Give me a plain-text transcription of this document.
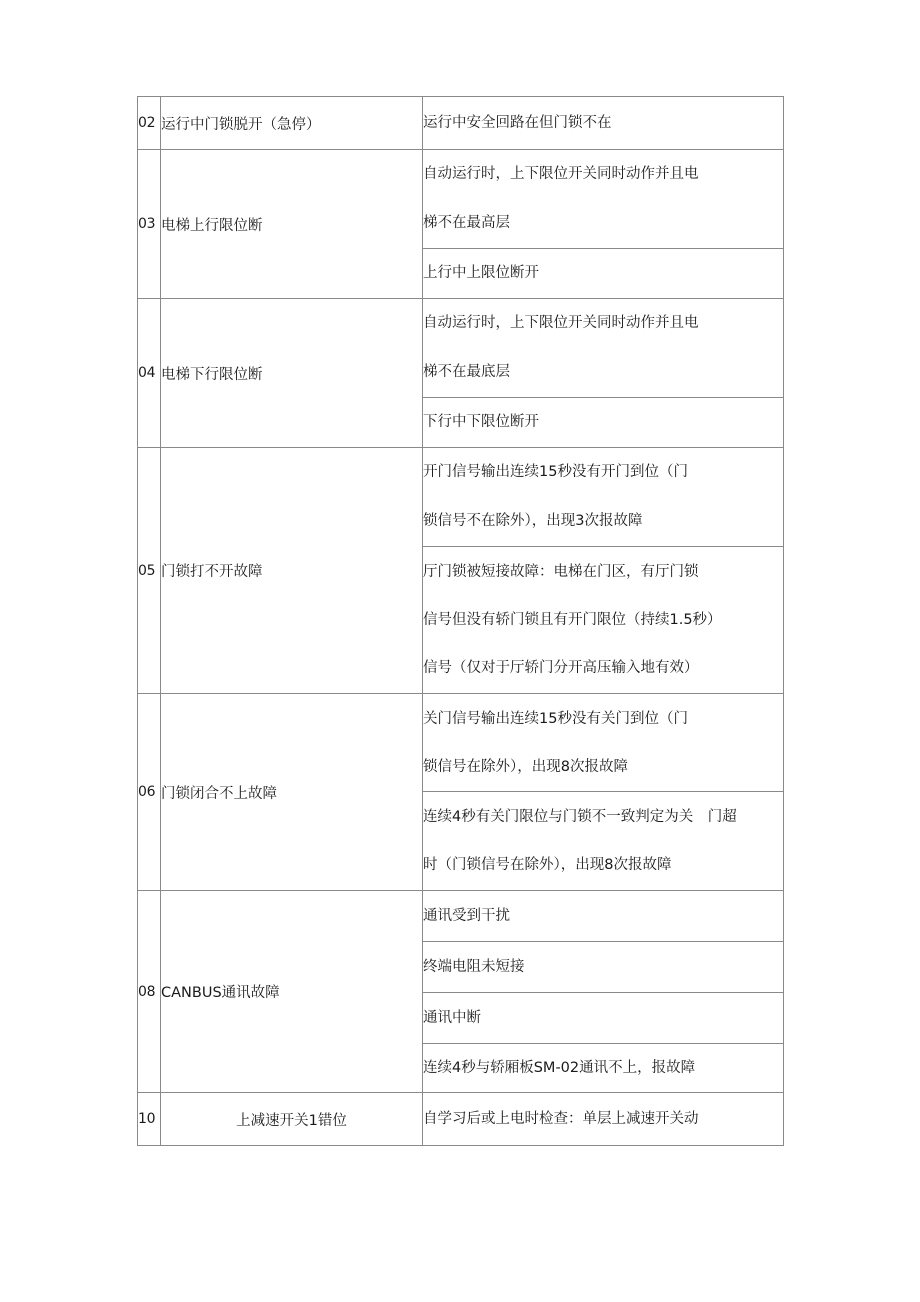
02	运行中门锁脱开（急停）	运行中安全回路在但门锁不在

03	电梯上行限位断	自动运行时，上下限位开关同时动作并且电
梯不在最高层

		上行中上限位断开

04	电梯下行限位断	自动运行时，上下限位开关同时动作并且电
梯不在最底层

		下行中下限位断开

05	门锁打不开故障	开门信号输出连续15秒没有开门到位（门
锁信号不在除外），出现3次报故障

		厅门锁被短接故障：电梯在门区，有厅门锁
信号但没有轿门锁且有开门限位（持续1.5秒）
信号（仅对于厅轿门分开高压输入地有效）

06	门锁闭合不上故障	关门信号输出连续15秒没有关门到位（门
锁信号在除外），出现8次报故障

		连续4秒有关门限位与门锁不一致判定为关　门超
时（门锁信号在除外），出现8次报故障

08	CANBUS通讯故障	通讯受到干扰

		终端电阻未短接

		通讯中断

		连续4秒与轿厢板SM-02通讯不上，报故障

10	上减速开关1错位	自学习后或上电时检查：单层上减速开关动
